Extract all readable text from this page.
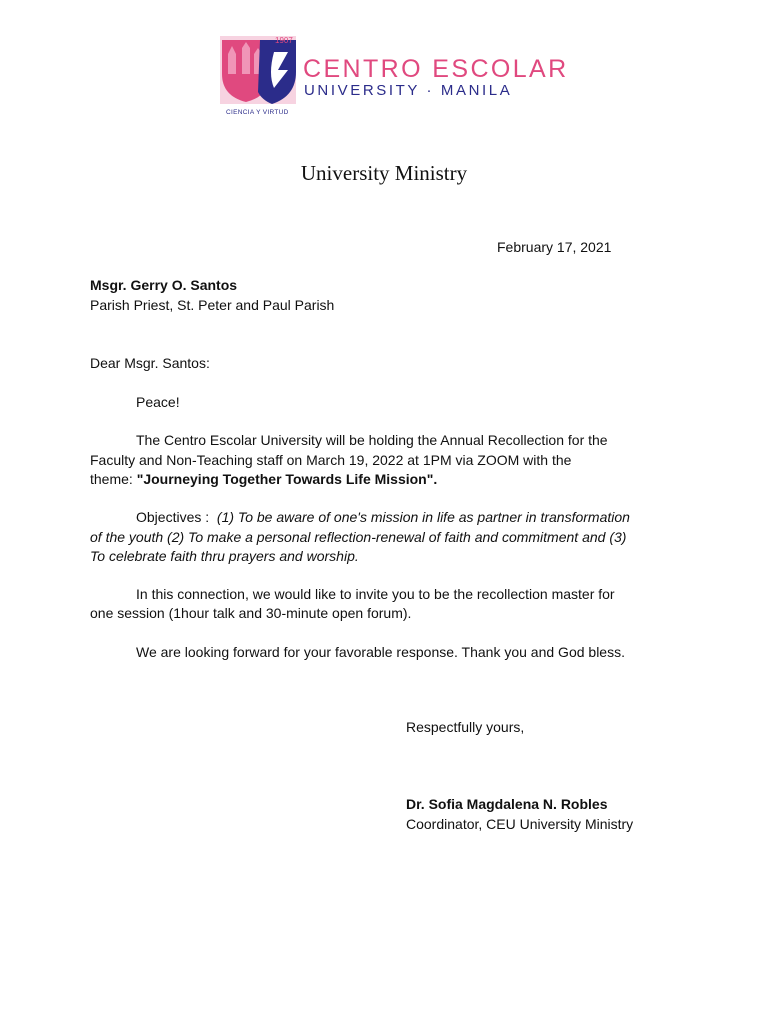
1907
CENTRO ESCOLAR
UNIVERSITY · MANILA
CIENCIA Y VIRTUD
University Ministry
February 17, 2021
Msgr. Gerry O. Santos
Parish Priest, St. Peter and Paul Parish
Dear Msgr. Santos:
Peace!
The Centro Escolar University will be holding the Annual Recollection for the
Faculty and Non-Teaching staff on March 19, 2022 at 1PM via ZOOM with the
theme: "Journeying Together Towards Life Mission".
Objectives : (1) To be aware of one's mission in life as partner in transformation
of the youth (2) To make a personal reflection-renewal of faith and commitment and (3)
To celebrate faith thru prayers and worship.
In this connection, we would like to invite you to be the recollection master for
one session (1hour talk and 30-minute open forum).
We are looking forward for your favorable response. Thank you and God bless.
Respectfully yours,
Dr. Sofia Magdalena N. Robles
Coordinator, CEU University Ministry
